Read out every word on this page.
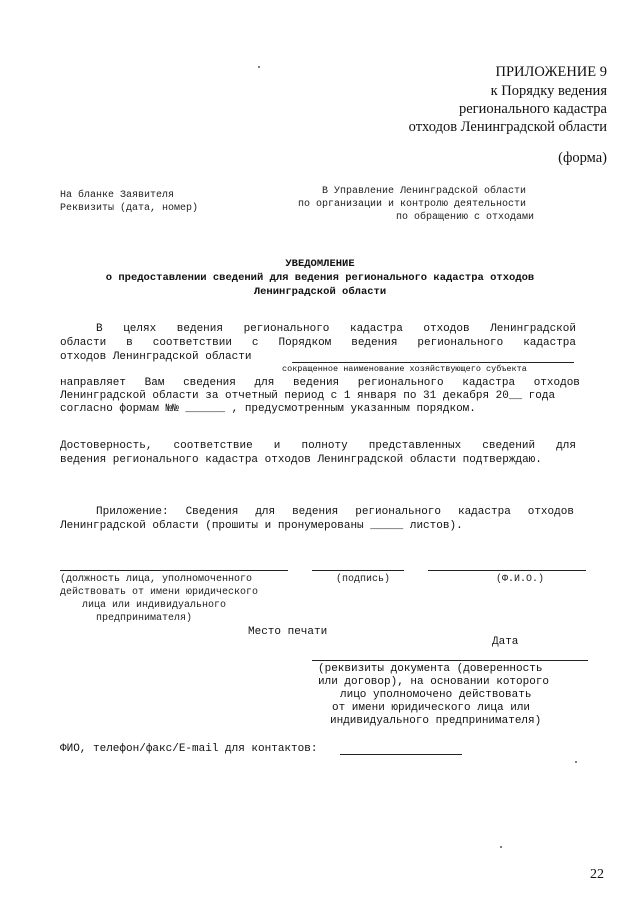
ПРИЛОЖЕНИЕ 9
к Порядку ведения
регионального кадастра
отходов Ленинградской области
(форма)
На бланке Заявителя
Реквизиты (дата, номер)
В Управление Ленинградской области
по организации и контролю деятельности
по обращению с отходами
УВЕДОМЛЕНИЕ
о предоставлении сведений для ведения регионального кадастра отходов
Ленинградской области
В целях ведения регионального кадастра отходов Ленинградской
области в соответствии с Порядком ведения регионального кадастра
отходов Ленинградской области
сокращенное наименование хозяйствующего субъекта
направляет Вам сведения для ведения регионального кадастра отходов
Ленинградской области за отчетный период с 1 января по 31 декабря 20__ года
согласно формам №№ ______ , предусмотренным указанным порядком.
Достоверность, соответствие и полноту представленных сведений для
ведения регионального кадастра отходов Ленинградской области подтверждаю.
Приложение: Сведения для ведения регионального кадастра отходов
Ленинградской области (прошиты и пронумерованы _____ листов).
(должность лица, уполномоченного
действовать от имени юридического
лица или индивидуального
предпринимателя)
(подпись)	(Ф.И.О.)
Место печати
Дата
(реквизиты документа (доверенность
или договор), на основании которого
лицо уполномочено действовать
от имени юридического лица или
индивидуального предпринимателя)
ФИО, телефон/факс/E-mail для контактов:
22
